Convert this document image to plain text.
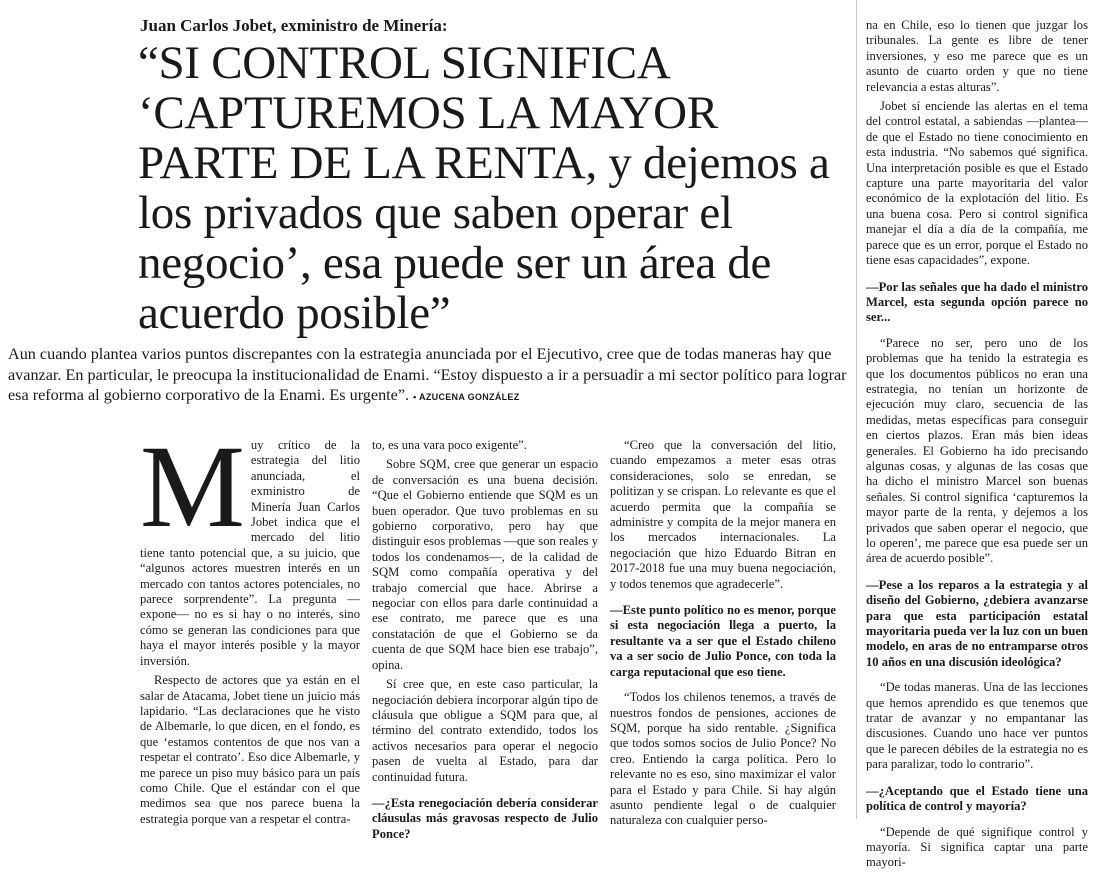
Juan Carlos Jobet, exministro de Minería:
“SI CONTROL SIGNIFICA ‘CAPTUREMOS LA MAYOR PARTE DE LA RENTA, y dejemos a los privados que saben operar el negocio’, esa puede ser un área de acuerdo posible”

Aun cuando plantea varios puntos discrepantes con la estrategia anunciada por el Ejecutivo, cree que de todas maneras hay que avanzar. En particular, le preocupa la institucionalidad de Enami. “Estoy dispuesto a ir a persuadir a mi sector político para lograr esa reforma al gobierno corporativo de la Enami. Es urgente”. • AZUCENA GONZÁLEZ

Muy crítico de la estrategia del litio anunciada, el exministro de Minería Juan Carlos Jobet indica que el mercado del litio tiene tanto potencial que, a su juicio, que “algunos actores muestren interés en un mercado con tantos actores potenciales, no parece sorprendente”. La pregunta —expone— no es si hay o no interés, sino cómo se generan las condiciones para que haya el mayor interés posible y la mayor inversión.

Respecto de actores que ya están en el salar de Atacama, Jobet tiene un juicio más lapidario. “Las declaraciones que he visto de Albemarle, lo que dicen, en el fondo, es que ‘estamos contentos de que nos van a respetar el contrato’. Eso dice Albemarle, y me parece un piso muy básico para un país como Chile. Que el estándar con el que medimos sea que nos parece buena la estrategia porque van a respetar el contra-

to, es una vara poco exigente”.

Sobre SQM, cree que generar un espacio de conversación es una buena decisión. “Que el Gobierno entiende que SQM es un buen operador. Que tuvo problemas en su gobierno corporativo, pero hay que distinguir esos problemas —que son reales y todos los condenamos—, de la calidad de SQM como compañía operativa y del trabajo comercial que hace. Abrirse a negociar con ellos para darle continuidad a ese contrato, me parece que es una constatación de que el Gobierno se da cuenta de que SQM hace bien ese trabajo”, opina.

Sí cree que, en este caso particular, la negociación debiera incorporar algún tipo de cláusula que obligue a SQM para que, al término del contrato extendido, todos los activos necesarios para operar el negocio pasen de vuelta al Estado, para dar continuidad futura.

—¿Esta renegociación debería considerar cláusulas más gravosas respecto de Julio Ponce?

“Creo que la conversación del litio, cuando empezamos a meter esas otras consideraciones, solo se enredan, se politizan y se crispan. Lo relevante es que el acuerdo permita que la compañía se administre y compita de la mejor manera en los mercados internacionales. La negociación que hizo Eduardo Bitran en 2017-2018 fue una muy buena negociación, y todos tenemos que agradecerle”.

—Este punto político no es menor, porque si esta negociación llega a puerto, la resultante va a ser que el Estado chileno va a ser socio de Julio Ponce, con toda la carga reputacional que eso tiene.

“Todos los chilenos tenemos, a través de nuestros fondos de pensiones, acciones de SQM, porque ha sido rentable. ¿Significa que todos somos socios de Julio Ponce? No creo. Entiendo la carga política. Pero lo relevante no es eso, sino maximizar el valor para el Estado y para Chile. Si hay algún asunto pendiente legal o de cualquier naturaleza con cualquier perso-

na en Chile, eso lo tienen que juzgar los tribunales. La gente es libre de tener inversiones, y eso me parece que es un asunto de cuarto orden y que no tiene relevancia a estas alturas”.

Jobet sí enciende las alertas en el tema del control estatal, a sabiendas —plantea— de que el Estado no tiene conocimiento en esta industria. “No sabemos qué significa. Una interpretación posible es que el Estado capture una parte mayoritaria del valor económico de la explotación del litio. Es una buena cosa. Pero si control significa manejar el día a día de la compañía, me parece que es un error, porque el Estado no tiene esas capacidades”, expone.

—Por las señales que ha dado el ministro Marcel, esta segunda opción parece no ser...

“Parece no ser, pero uno de los problemas que ha tenido la estrategia es que los documentos públicos no eran una estrategia, no tenían un horizonte de ejecución muy claro, secuencia de las medidas, metas específicas para conseguir en ciertos plazos. Eran más bien ideas generales. El Gobierno ha ido precisando algunas cosas, y algunas de las cosas que ha dicho el ministro Marcel son buenas señales. Si control significa ‘capturemos la mayor parte de la renta, y dejemos a los privados que saben operar el negocio, que lo operen’, me parece que esa puede ser un área de acuerdo posible”.

—Pese a los reparos a la estrategia y al diseño del Gobierno, ¿debiera avanzarse para que esta participación estatal mayoritaria pueda ver la luz con un buen modelo, en aras de no entramparse otros 10 años en una discusión ideológica?

“De todas maneras. Una de las lecciones que hemos aprendido es que tenemos que tratar de avanzar y no empantanar las discusiones. Cuando uno hace ver puntos que le parecen débiles de la estrategia no es para paralizar, todo lo contrario”.

—¿Aceptando que el Estado tiene una política de control y mayoría?

“Depende de qué signifique control y mayoría. Si significa captar una parte mayori-
